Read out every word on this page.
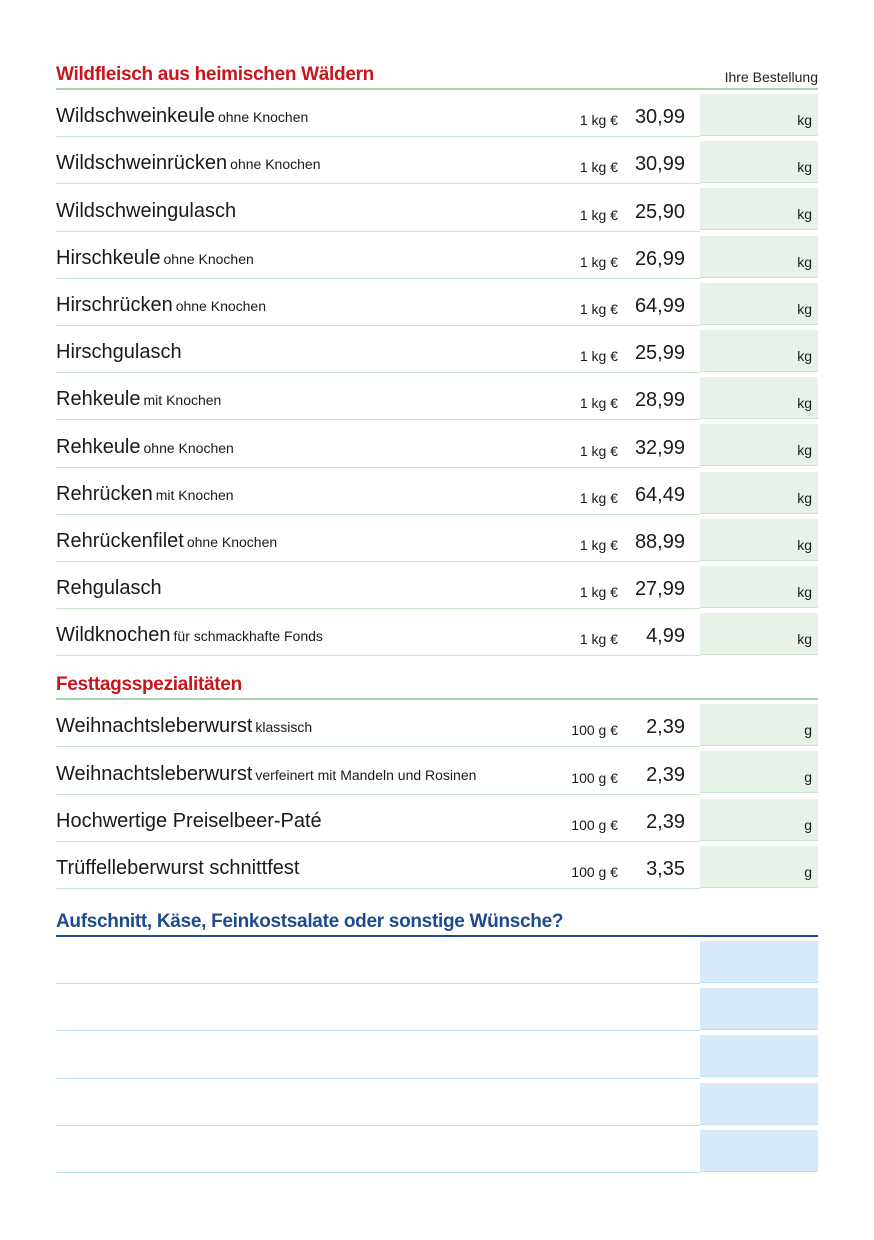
Wildfleisch aus heimischen Wäldern	Ihre Bestellung
Wildschweinkeule ohne Knochen	1 kg € 30,99	kg
Wildschweinrücken ohne Knochen	1 kg € 30,99	kg
Wildschweingulasch	1 kg € 25,90	kg
Hirschkeule ohne Knochen	1 kg € 26,99	kg
Hirschrücken ohne Knochen	1 kg € 64,99	kg
Hirschgulasch	1 kg € 25,99	kg
Rehkeule mit Knochen	1 kg € 28,99	kg
Rehkeule ohne Knochen	1 kg € 32,99	kg
Rehrücken mit Knochen	1 kg € 64,49	kg
Rehrückenfilet ohne Knochen	1 kg € 88,99	kg
Rehgulasch	1 kg € 27,99	kg
Wildknochen für schmackhafte Fonds	1 kg € 4,99	kg
Festtagsspezialitäten
Weihnachtsleberwurst klassisch	100 g € 2,39	g
Weihnachtsleberwurst verfeinert mit Mandeln und Rosinen	100 g € 2,39	g
Hochwertige Preiselbeer-Paté	100 g € 2,39	g
Trüffelleberwurst schnittfest	100 g € 3,35	g
Aufschnitt, Käse, Feinkostsalate oder sonstige Wünsche?
